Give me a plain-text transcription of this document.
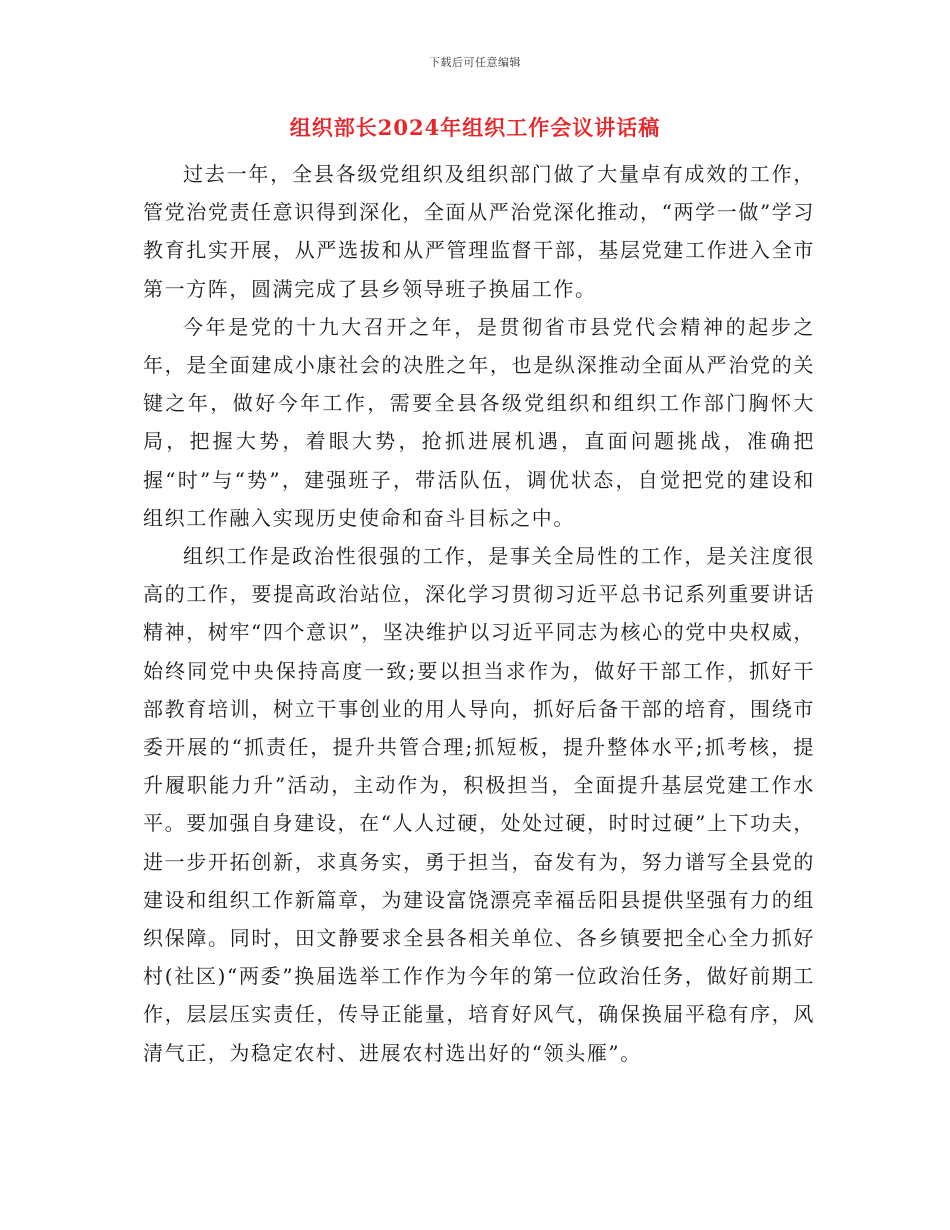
下载后可任意编辑
组织部长2024年组织工作会议讲话稿

过去一年，全县各级党组织及组织部门做了大量卓有成效的工作，管党治党责任意识得到深化，全面从严治党深化推动，“两学一做”学习教育扎实开展，从严选拔和从严管理监督干部，基层党建工作进入全市第一方阵，圆满完成了县乡领导班子换届工作。

今年是党的十九大召开之年，是贯彻省市县党代会精神的起步之年，是全面建成小康社会的决胜之年，也是纵深推动全面从严治党的关键之年，做好今年工作，需要全县各级党组织和组织工作部门胸怀大局，把握大势，着眼大势，抢抓进展机遇，直面问题挑战，准确把握“时”与“势”，建强班子，带活队伍，调优状态，自觉把党的建设和组织工作融入实现历史使命和奋斗目标之中。

组织工作是政治性很强的工作，是事关全局性的工作，是关注度很高的工作，要提高政治站位，深化学习贯彻习近平总书记系列重要讲话精神，树牢“四个意识”，坚决维护以习近平同志为核心的党中央权威，始终同党中央保持高度一致;要以担当求作为，做好干部工作，抓好干部教育培训，树立干事创业的用人导向，抓好后备干部的培育，围绕市委开展的“抓责任，提升共管合理;抓短板，提升整体水平;抓考核，提升履职能力升”活动，主动作为，积极担当，全面提升基层党建工作水平。要加强自身建设，在“人人过硬，处处过硬，时时过硬”上下功夫，进一步开拓创新，求真务实，勇于担当，奋发有为，努力谱写全县党的建设和组织工作新篇章，为建设富饶漂亮幸福岳阳县提供坚强有力的组织保障。同时，田文静要求全县各相关单位、各乡镇要把全心全力抓好村(社区)“两委”换届选举工作作为今年的第一位政治任务，做好前期工作，层层压实责任，传导正能量，培育好风气，确保换届平稳有序，风清气正，为稳定农村、进展农村选出好的“领头雁”。
